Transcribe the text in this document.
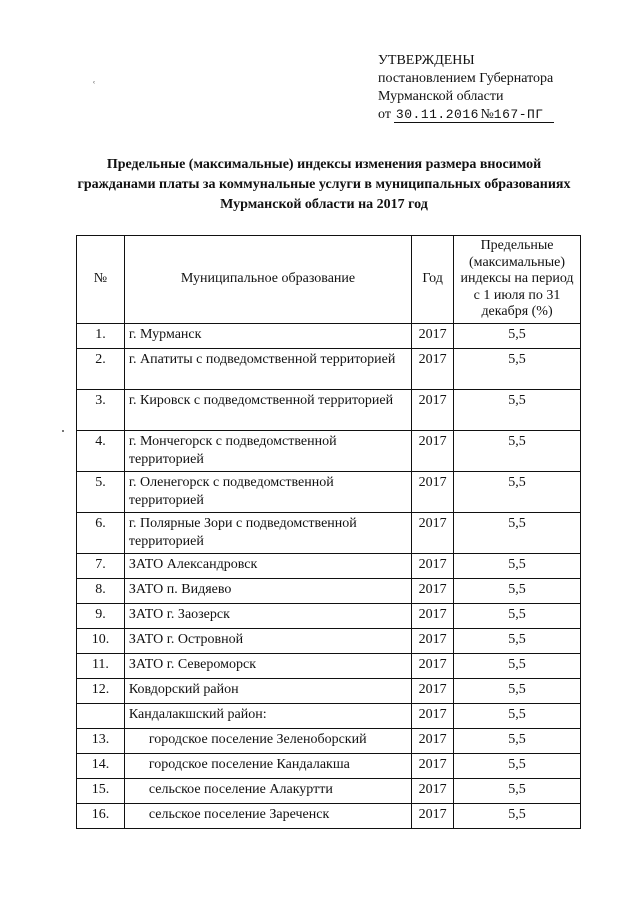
˓
УТВЕРЖДЕНЫ
постановлением Губернатора
Мурманской области
от 30.11.2016 №167-ПГ
Предельные (максимальные) индексы изменения размера вносимой гражданами платы за коммунальные услуги в муниципальных образованиях Мурманской области на 2017 год
№	Муниципальное образование	Год	Предельные (максимальные) индексы на период с 1 июля по 31 декабря (%)
1.	г. Мурманск	2017	5,5
2.	г. Апатиты с подведомственной территорией	2017	5,5
3.	г. Кировск с подведомственной территорией	2017	5,5
4.	г. Мончегорск с подведомственной территорией	2017	5,5
5.	г. Оленегорск с подведомственной территорией	2017	5,5
6.	г. Полярные Зори с подведомственной территорией	2017	5,5
7.	ЗАТО Александровск	2017	5,5
8.	ЗАТО п. Видяево	2017	5,5
9.	ЗАТО г. Заозерск	2017	5,5
10.	ЗАТО г. Островной	2017	5,5
11.	ЗАТО г. Североморск	2017	5,5
12.	Ковдорский район	2017	5,5
	Кандалакшский район:	2017	5,5
13.	городское поселение Зеленоборский	2017	5,5
14.	городское поселение Кандалакша	2017	5,5
15.	сельское поселение Алакуртти	2017	5,5
16.	сельское поселение Зареченск	2017	5,5
